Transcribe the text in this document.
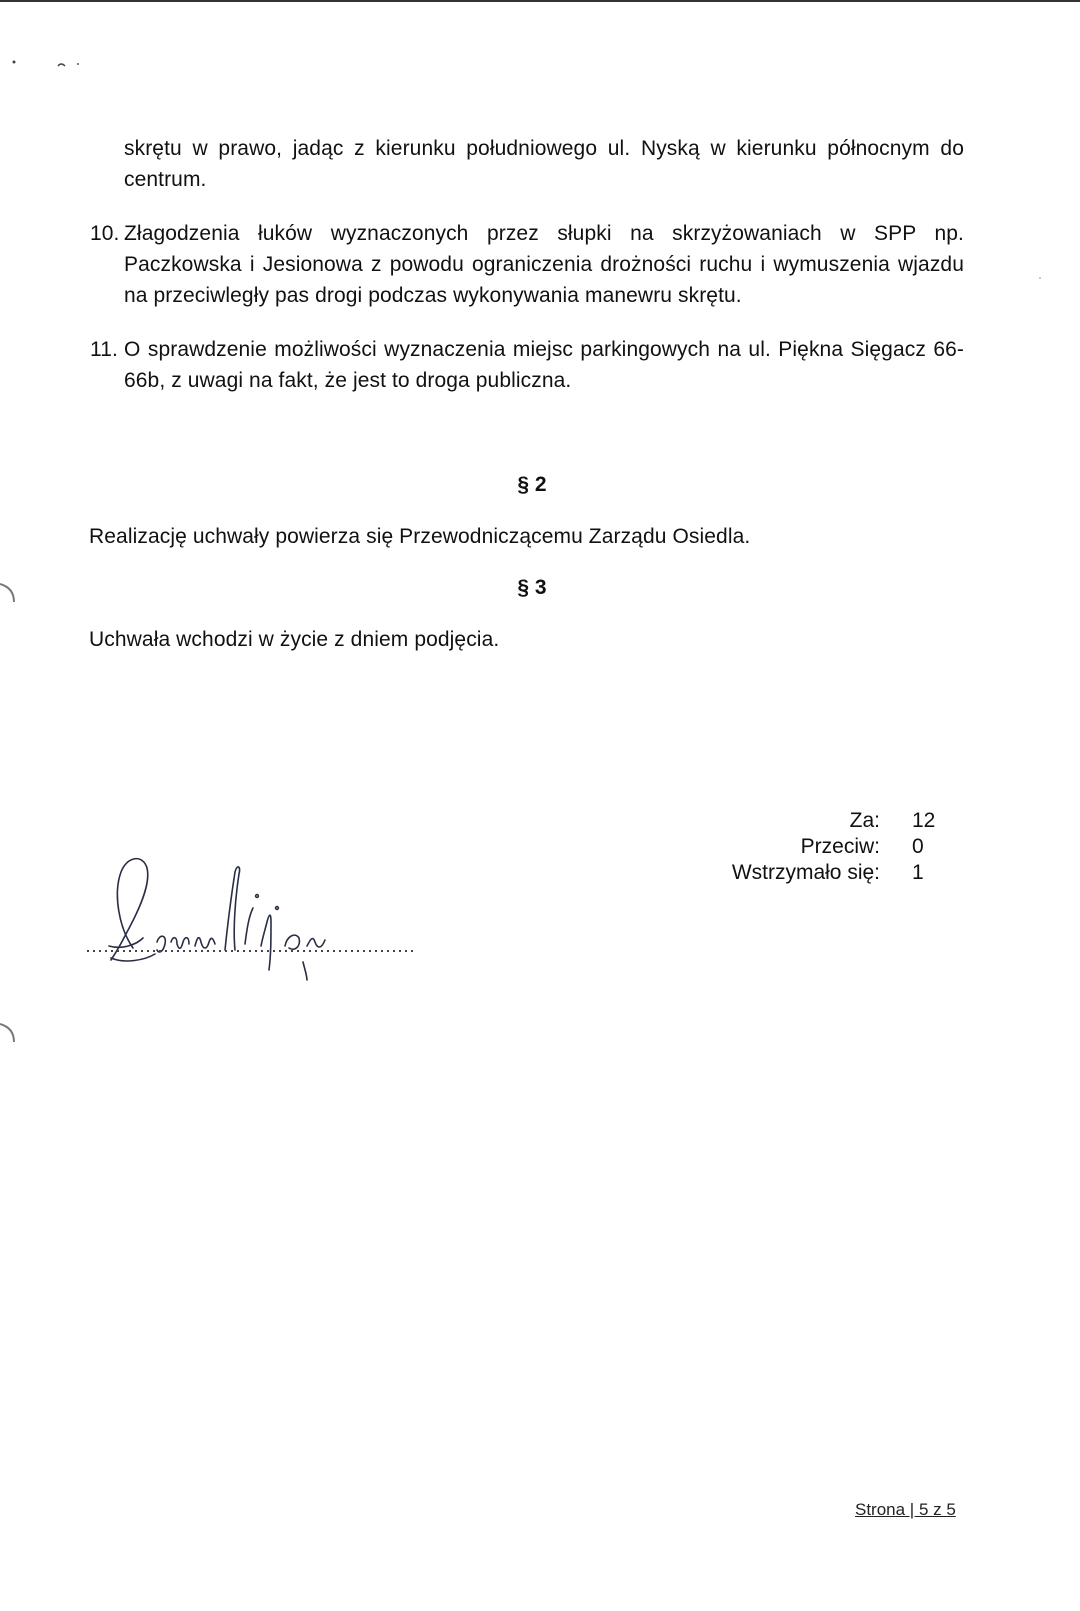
skrętu w prawo, jadąc z kierunku południowego ul. Nyską w kierunku północnym do centrum.
10. Złagodzenia łuków wyznaczonych przez słupki na skrzyżowaniach w SPP np. Paczkowska i Jesionowa z powodu ograniczenia drożności ruchu i wymuszenia wjazdu na przeciwległy pas drogi podczas wykonywania manewru skrętu.
11. O sprawdzenie możliwości wyznaczenia miejsc parkingowych na ul. Piękna Sięgacz 66-66b, z uwagi na fakt, że jest to droga publiczna.
§ 2
Realizację uchwały powierza się Przewodniczącemu Zarządu Osiedla.
§ 3
Uchwała wchodzi w życie z dniem podjęcia.
Za:	12
Przeciw:	0
Wstrzymało się:	1
Strona | 5 z 5
